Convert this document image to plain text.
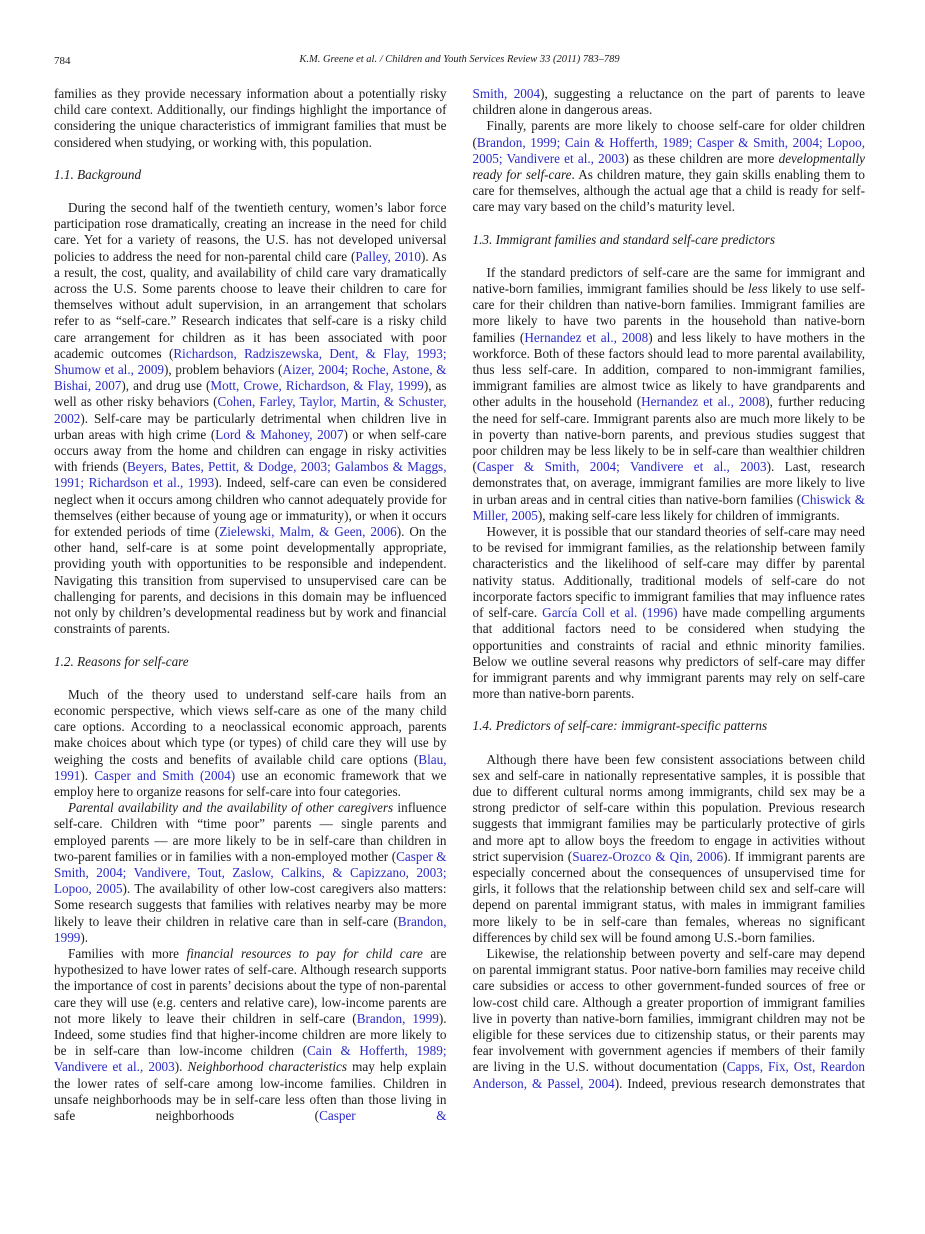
784	K.M. Greene et al. / Children and Youth Services Review 33 (2011) 783–789

families as they provide necessary information about a potentially risky child care context. Additionally, our findings highlight the importance of considering the unique characteristics of immigrant families that must be considered when studying, or working with, this population.

1.1. Background

During the second half of the twentieth century, women’s labor force participation rose dramatically, creating an increase in the need for child care. Yet for a variety of reasons, the U.S. has not developed universal policies to address the need for non-parental child care (Palley, 2010). As a result, the cost, quality, and availability of child care vary dramatically across the U.S. Some parents choose to leave their children to care for themselves without adult supervision, in an arrangement that scholars refer to as “self-care.” Research indicates that self-care is a risky child care arrangement for children as it has been associated with poor academic outcomes (Richardson, Radziszewska, Dent, & Flay, 1993; Shumow et al., 2009), problem behaviors (Aizer, 2004; Roche, Astone, & Bishai, 2007), and drug use (Mott, Crowe, Richardson, & Flay, 1999), as well as other risky behaviors (Cohen, Farley, Taylor, Martin, & Schuster, 2002). Self-care may be particularly detrimental when children live in urban areas with high crime (Lord & Mahoney, 2007) or when self-care occurs away from the home and children can engage in risky activities with friends (Beyers, Bates, Pettit, & Dodge, 2003; Galambos & Maggs, 1991; Richardson et al., 1993). Indeed, self-care can even be considered neglect when it occurs among children who cannot adequately provide for themselves (either because of young age or immaturity), or when it occurs for extended periods of time (Zielewski, Malm, & Geen, 2006). On the other hand, self-care is at some point developmentally appropriate, providing youth with opportunities to be responsible and independent. Navigating this transition from supervised to unsupervised care can be challenging for parents, and decisions in this domain may be influenced not only by children’s developmental readiness but by work and financial constraints of parents.

1.2. Reasons for self-care

Much of the theory used to understand self-care hails from an economic perspective, which views self-care as one of the many child care options. According to a neoclassical economic approach, parents make choices about which type (or types) of child care they will use by weighing the costs and benefits of available child care options (Blau, 1991). Casper and Smith (2004) use an economic framework that we employ here to organize reasons for self-care into four categories.

Parental availability and the availability of other caregivers influence self-care. Children with “time poor” parents — single parents and employed parents — are more likely to be in self-care than children in two-parent families or in families with a non-employed mother (Casper & Smith, 2004; Vandivere, Tout, Zaslow, Calkins, & Capizzano, 2003; Lopoo, 2005). The availability of other low-cost caregivers also matters: Some research suggests that families with relatives nearby may be more likely to leave their children in relative care than in self-care (Brandon, 1999).

Families with more financial resources to pay for child care are hypothesized to have lower rates of self-care. Although research supports the importance of cost in parents’ decisions about the type of non-parental care they will use (e.g. centers and relative care), low-income parents are not more likely to leave their children in self-care (Brandon, 1999). Indeed, some studies find that higher-income children are more likely to be in self-care than low-income children (Cain & Hofferth, 1989; Vandivere et al., 2003). Neighborhood characteristics may help explain the lower rates of self-care among low-income families. Children in unsafe neighborhoods may be in self-care less often than those living in safe neighborhoods (Casper &

Smith, 2004), suggesting a reluctance on the part of parents to leave children alone in dangerous areas.

Finally, parents are more likely to choose self-care for older children (Brandon, 1999; Cain & Hofferth, 1989; Casper & Smith, 2004; Lopoo, 2005; Vandivere et al., 2003) as these children are more developmentally ready for self-care. As children mature, they gain skills enabling them to care for themselves, although the actual age that a child is ready for self-care may vary based on the child’s maturity level.

1.3. Immigrant families and standard self-care predictors

If the standard predictors of self-care are the same for immigrant and native-born families, immigrant families should be less likely to use self-care for their children than native-born families. Immigrant families are more likely to have two parents in the household than native-born families (Hernandez et al., 2008) and less likely to have mothers in the workforce. Both of these factors should lead to more parental availability, thus less self-care. In addition, compared to non-immigrant families, immigrant families are almost twice as likely to have grandparents and other adults in the household (Hernandez et al., 2008), further reducing the need for self-care. Immigrant parents also are much more likely to be in poverty than native-born parents, and previous studies suggest that poor children may be less likely to be in self-care than wealthier children (Casper & Smith, 2004; Vandivere et al., 2003). Last, research demonstrates that, on average, immigrant families are more likely to live in urban areas and in central cities than native-born families (Chiswick & Miller, 2005), making self-care less likely for children of immigrants.

However, it is possible that our standard theories of self-care may need to be revised for immigrant families, as the relationship between family characteristics and the likelihood of self-care may differ by parental nativity status. Additionally, traditional models of self-care do not incorporate factors specific to immigrant families that may influence rates of self-care. García Coll et al. (1996) have made compelling arguments that additional factors need to be considered when studying the opportunities and constraints of racial and ethnic minority families. Below we outline several reasons why predictors of self-care may differ for immigrant parents and why immigrant parents may rely on self-care more than native-born parents.

1.4. Predictors of self-care: immigrant-specific patterns

Although there have been few consistent associations between child sex and self-care in nationally representative samples, it is possible that due to different cultural norms among immigrants, child sex may be a strong predictor of self-care within this population. Previous research suggests that immigrant families may be particularly protective of girls and more apt to allow boys the freedom to engage in activities without strict supervision (Suarez-Orozco & Qin, 2006). If immigrant parents are especially concerned about the consequences of unsupervised time for girls, it follows that the relationship between child sex and self-care will depend on parental immigrant status, with males in immigrant families more likely to be in self-care than females, whereas no significant differences by child sex will be found among U.S.-born families.

Likewise, the relationship between poverty and self-care may depend on parental immigrant status. Poor native-born families may receive child care subsidies or access to other government-funded sources of free or low-cost child care. Although a greater proportion of immigrant families live in poverty than native-born families, immigrant children may not be eligible for these services due to citizenship status, or their parents may fear involvement with government agencies if members of their family are living in the U.S. without documentation (Capps, Fix, Ost, Reardon Anderson, & Passel, 2004). Indeed, previous research demonstrates that
